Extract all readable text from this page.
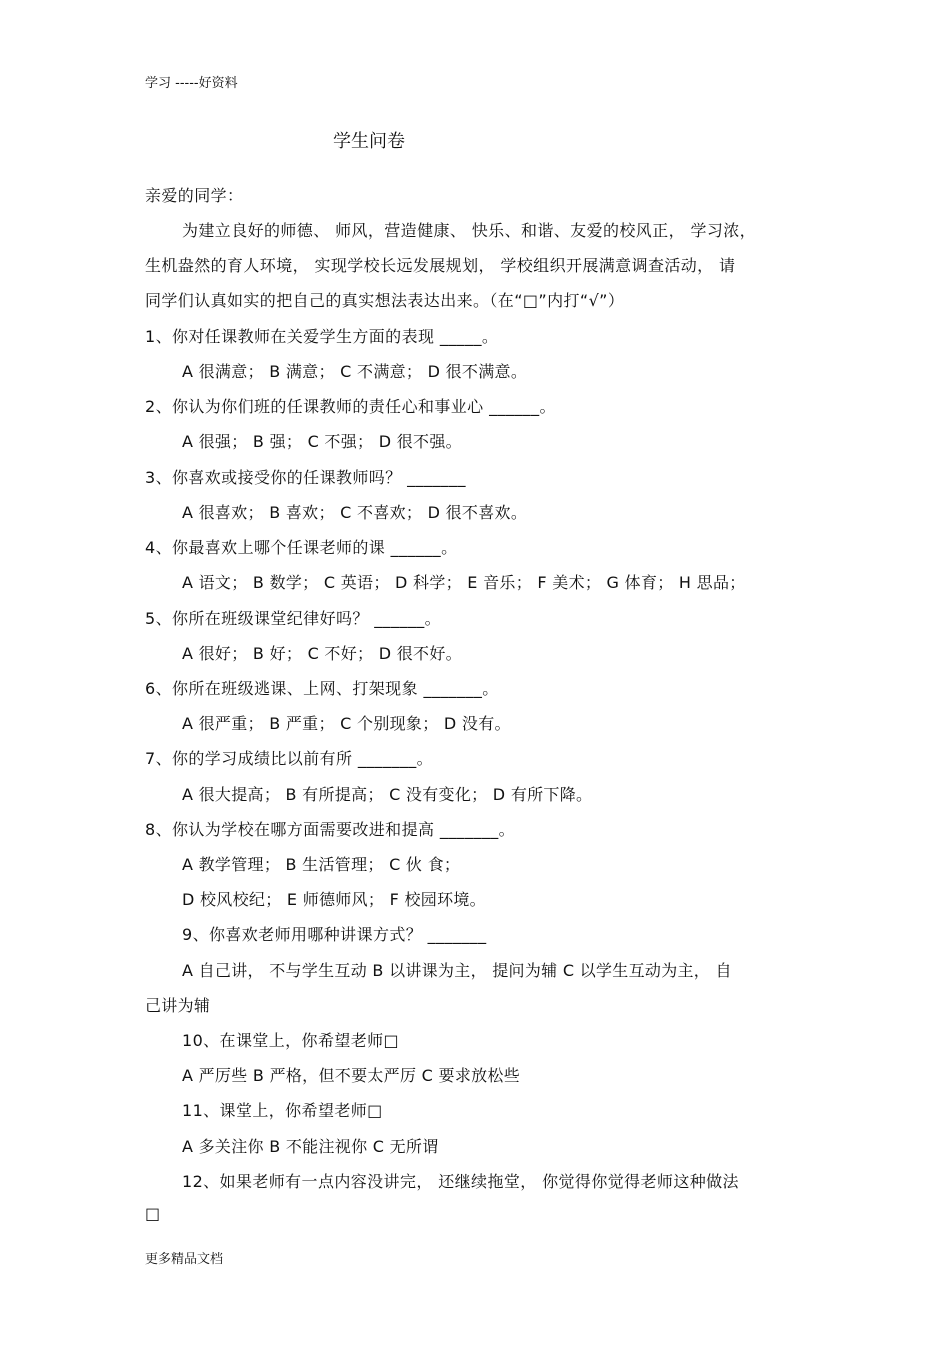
学习 -----好资料
学生问卷
亲爱的同学：
为建立良好的师德、 师风，营造健康、 快乐、和谐、友爱的校风正， 学习浓，
生机盎然的育人环境， 实现学校长远发展规划， 学校组织开展满意调查活动， 请
同学们认真如实的把自己的真实想法表达出来。（在“□”内打“√”）
1、你对任课教师在关爱学生方面的表现 _____。
A 很满意； B 满意； C 不满意； D 很不满意。
2、你认为你们班的任课教师的责任心和事业心 ______。
A 很强； B 强； C 不强； D 很不强。
3、你喜欢或接受你的任课教师吗？ _______
A 很喜欢； B 喜欢； C 不喜欢； D 很不喜欢。
4、你最喜欢上哪个任课老师的课 ______。
A 语文； B 数学； C 英语； D 科学； E 音乐； F 美术； G 体育； H 思品；
5、你所在班级课堂纪律好吗？ ______。
A 很好； B 好； C 不好； D 很不好。
6、你所在班级逃课、上网、打架现象 _______。
A 很严重； B 严重； C 个别现象； D 没有。
7、你的学习成绩比以前有所 _______。
A 很大提高； B 有所提高； C 没有变化； D 有所下降。
8、你认为学校在哪方面需要改进和提高 _______。
A 教学管理； B 生活管理； C 伙 食；
D 校风校纪； E 师德师风； F 校园环境。
9、你喜欢老师用哪种讲课方式？ _______
A 自己讲， 不与学生互动 B 以讲课为主， 提问为辅 C 以学生互动为主， 自
己讲为辅
10、在课堂上，你希望老师□
A 严厉些 B 严格，但不要太严厉 C 要求放松些
11、课堂上，你希望老师□
A 多关注你 B 不能注视你 C 无所谓
12、如果老师有一点内容没讲完， 还继续拖堂， 你觉得你觉得老师这种做法
□
更多精品文档
